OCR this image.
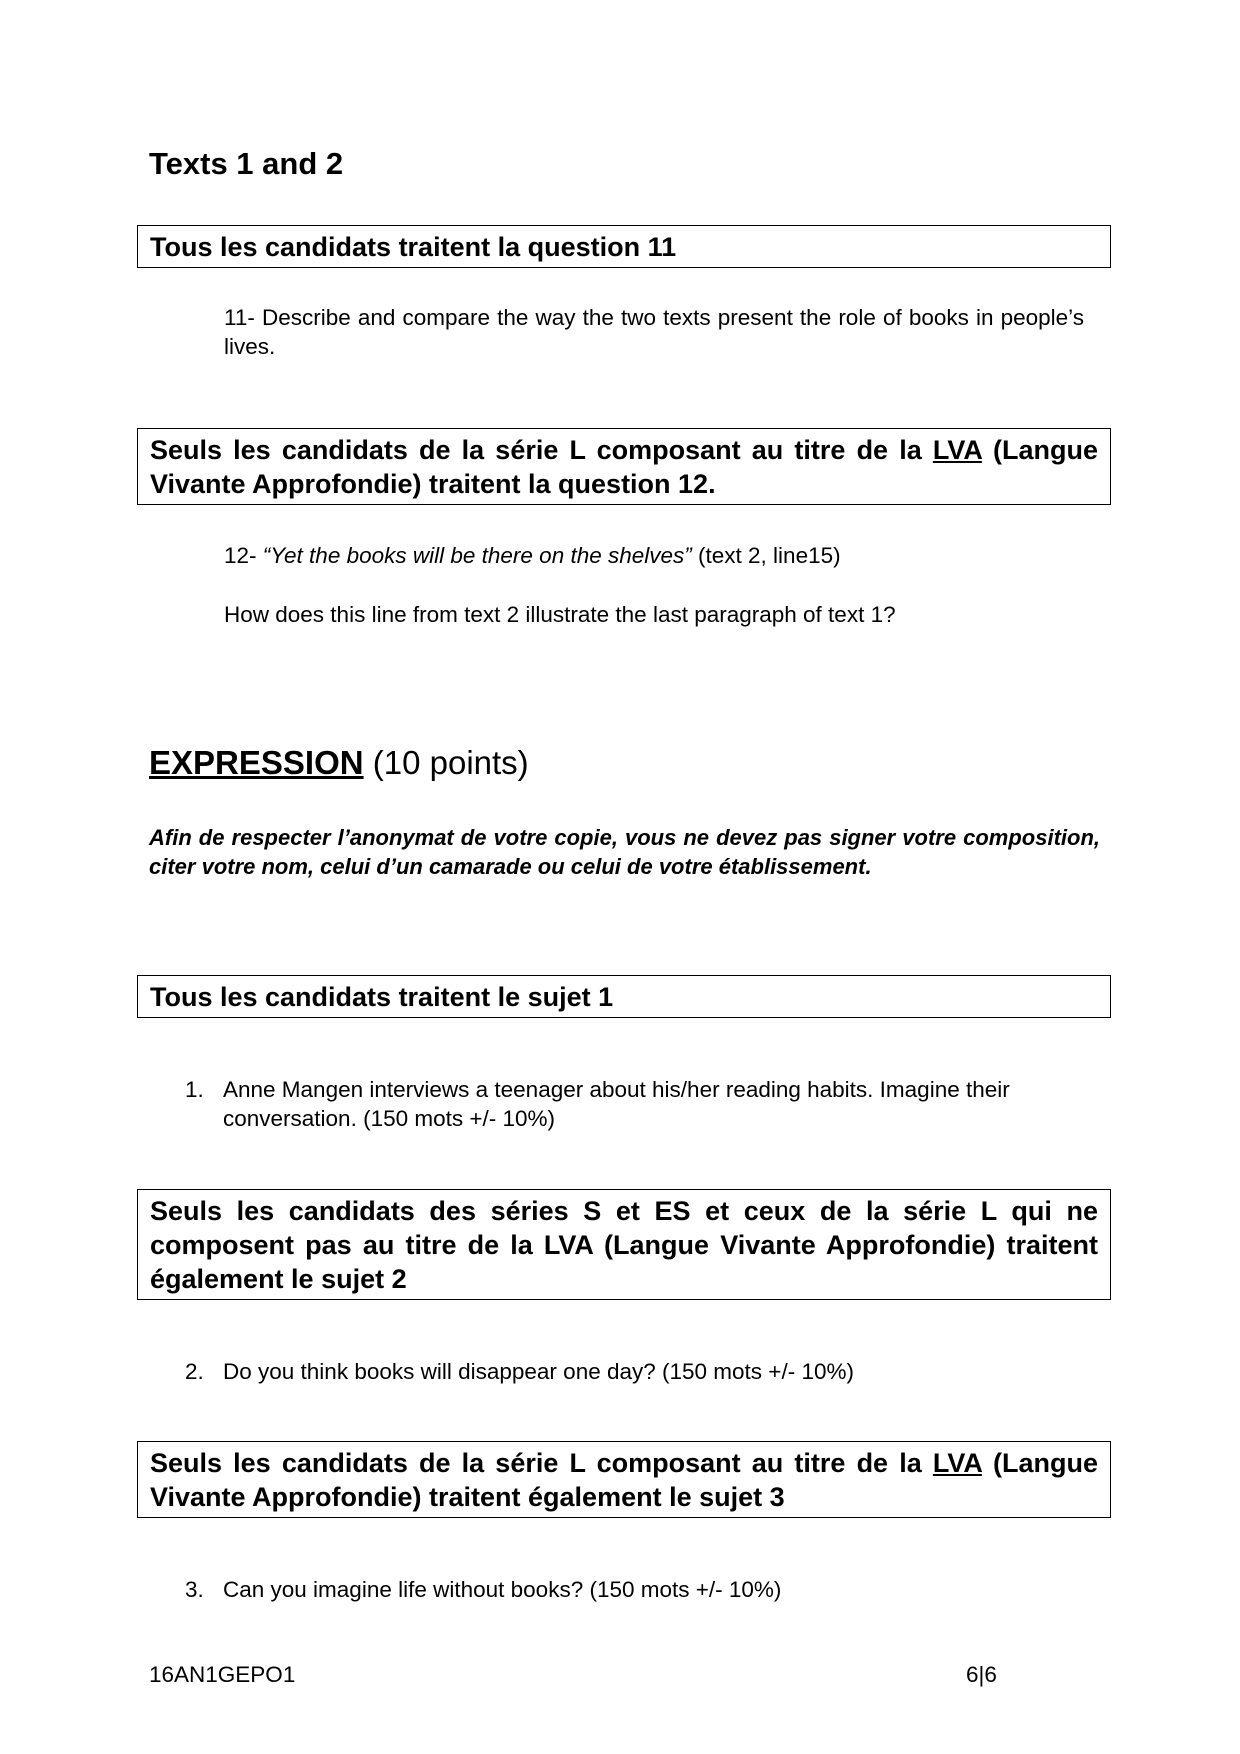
Texts 1 and 2
Tous les candidats traitent la question 11
11- Describe and compare the way the two texts present the role of books in people’s lives.
Seuls les candidats de la série L composant au titre de la LVA (Langue Vivante Approfondie) traitent la question 12.
12- “Yet the books will be there on the shelves” (text 2, line15)
How does this line from text 2 illustrate the last paragraph of text 1?
EXPRESSION (10 points)
Afin de respecter l’anonymat de votre copie, vous ne devez pas signer votre composition, citer votre nom, celui d’un camarade ou celui de votre établissement.
Tous les candidats traitent le sujet 1
1. Anne Mangen interviews a teenager about his/her reading habits. Imagine their conversation. (150 mots +/- 10%)
Seuls les candidats des séries S et ES et ceux de la série L qui ne composent pas au titre de la LVA (Langue Vivante Approfondie) traitent également le sujet 2
2. Do you think books will disappear one day? (150 mots +/- 10%)
Seuls les candidats de la série L composant au titre de la LVA (Langue Vivante Approfondie) traitent également le sujet 3
3. Can you imagine life without books? (150 mots +/- 10%)
16AN1GEPO1	6|6
